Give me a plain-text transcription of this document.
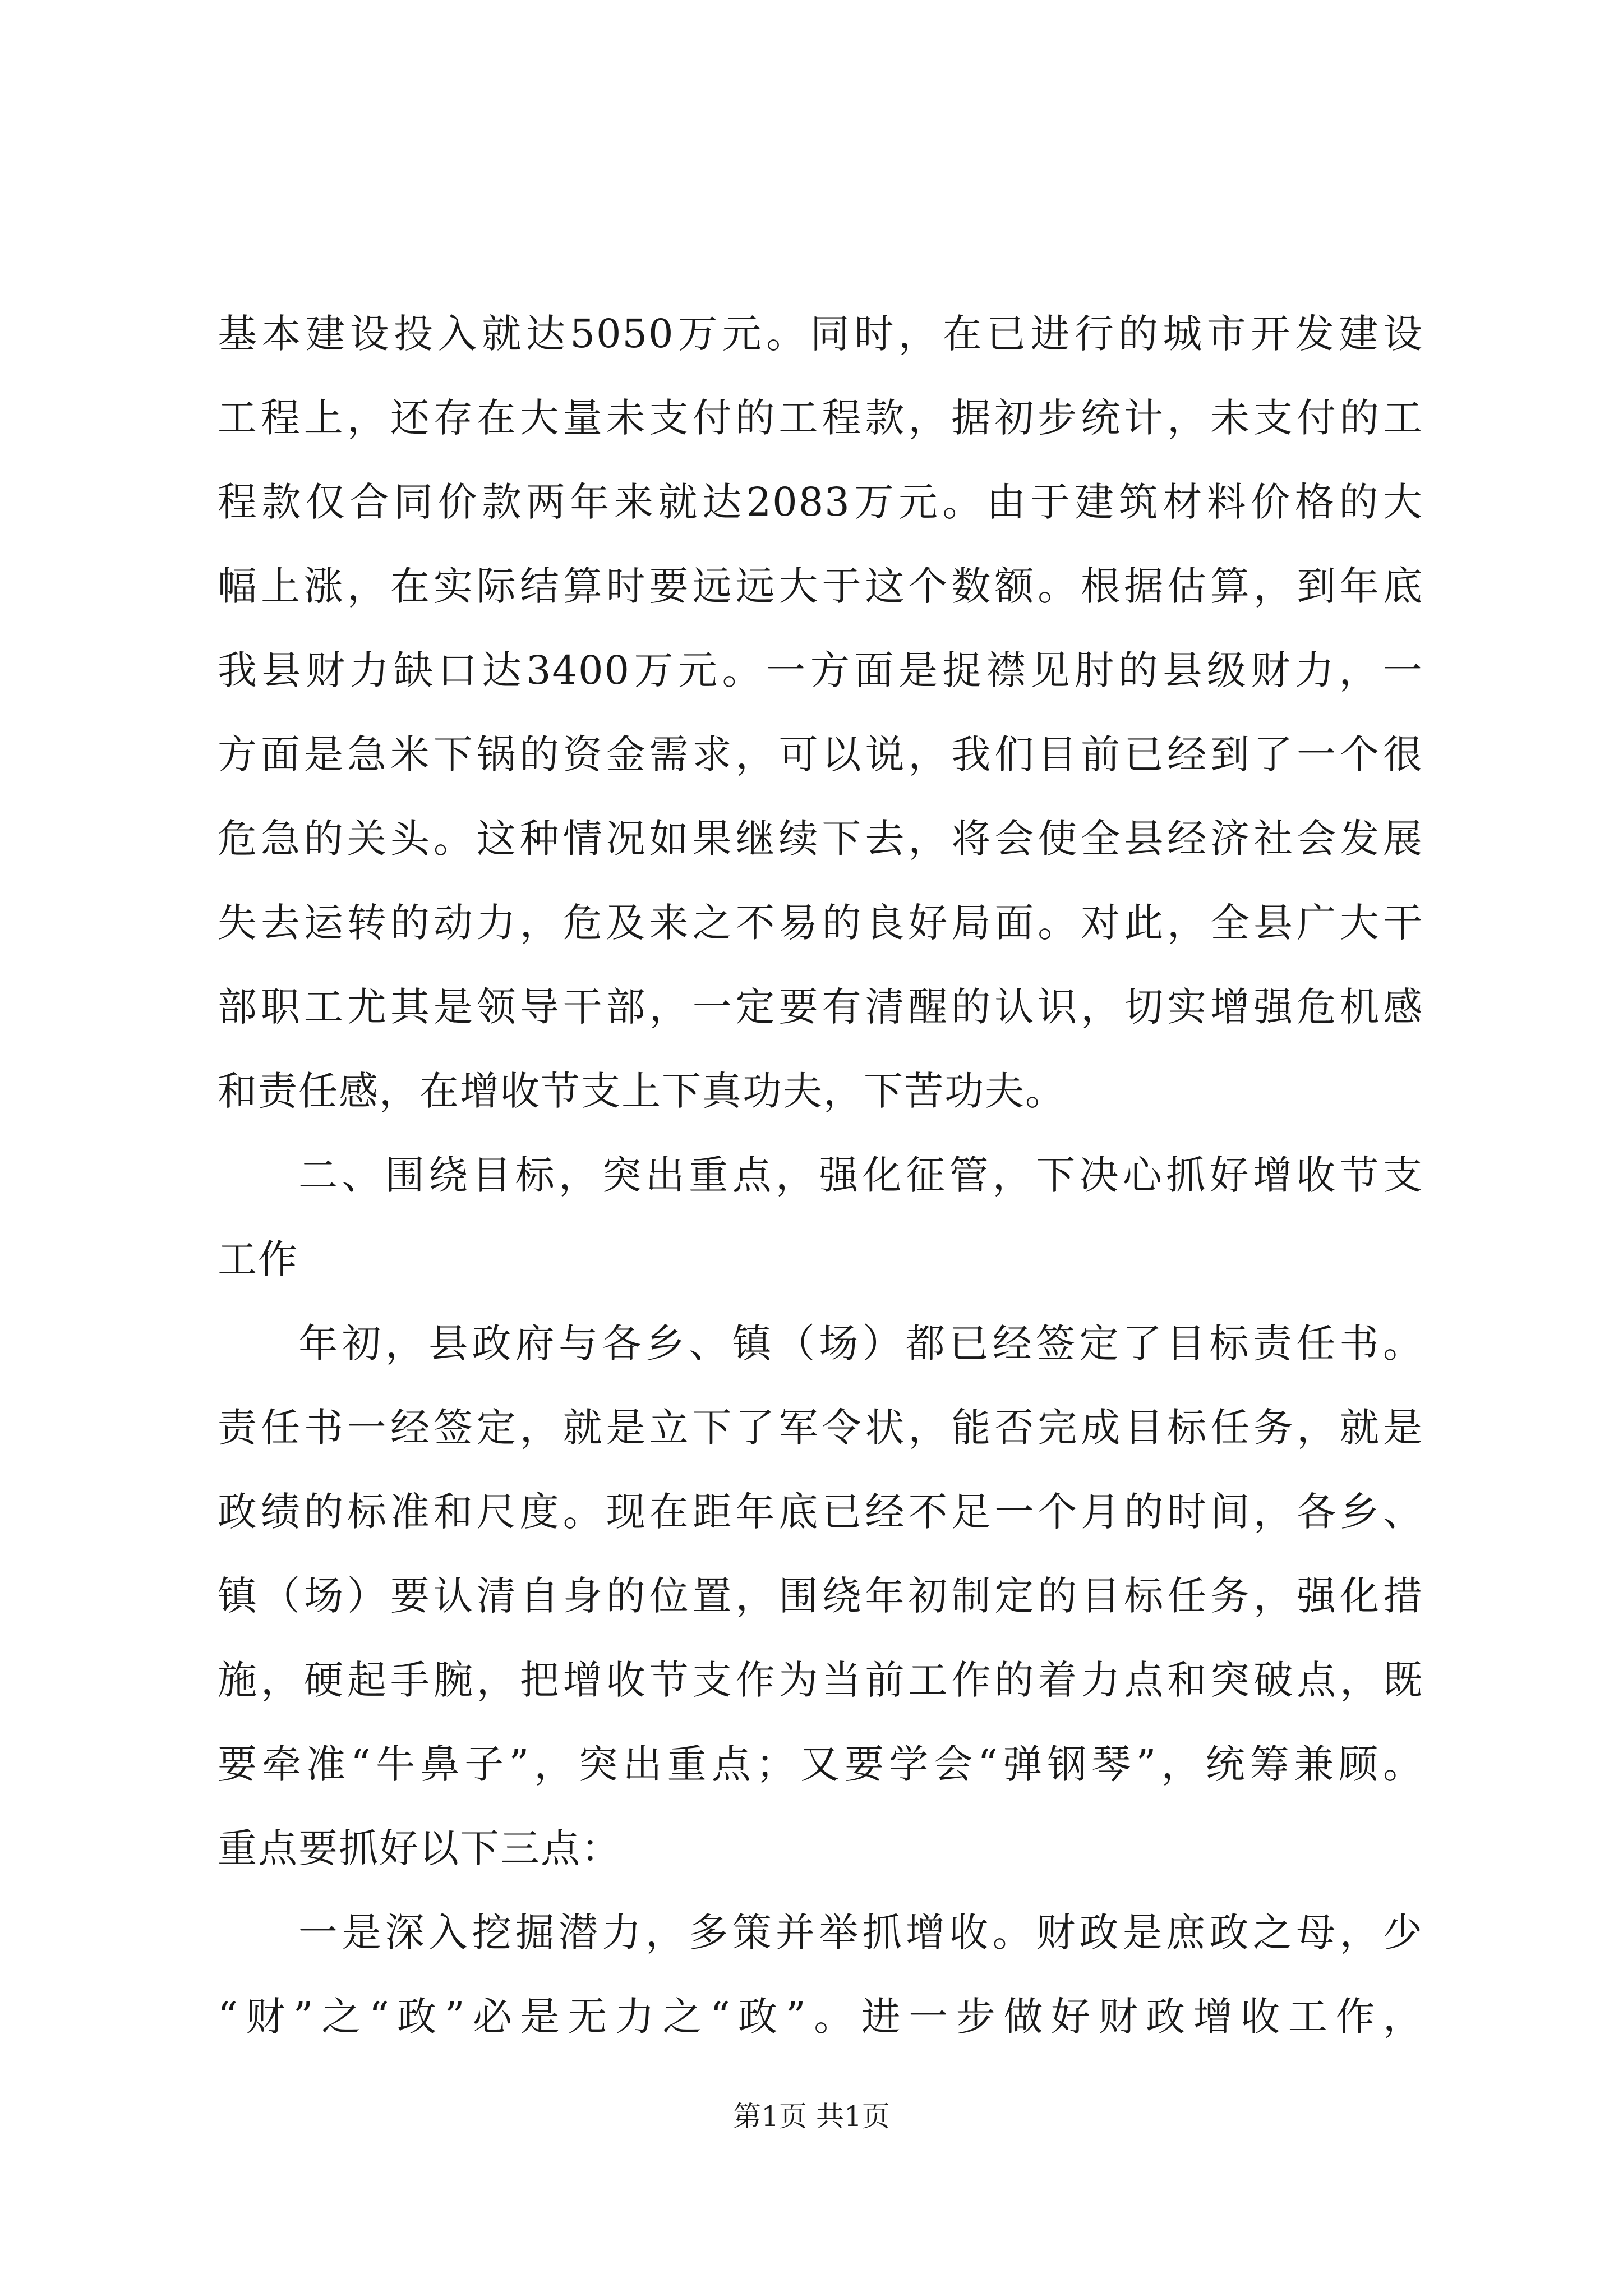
基本建设投入就达5050万元。同时，在已进行的城市开发建设
工程上，还存在大量未支付的工程款，据初步统计，未支付的工
程款仅合同价款两年来就达2083万元。由于建筑材料价格的大
幅上涨，在实际结算时要远远大于这个数额。根据估算，到年底
我县财力缺口达3400万元。一方面是捉襟见肘的县级财力，一
方面是急米下锅的资金需求，可以说，我们目前已经到了一个很
危急的关头。这种情况如果继续下去，将会使全县经济社会发展
失去运转的动力，危及来之不易的良好局面。对此，全县广大干
部职工尤其是领导干部，一定要有清醒的认识，切实增强危机感
和责任感，在增收节支上下真功夫，下苦功夫。
二、围绕目标，突出重点，强化征管，下决心抓好增收节支
工作
年初，县政府与各乡、镇（场）都已经签定了目标责任书。
责任书一经签定，就是立下了军令状，能否完成目标任务，就是
政绩的标准和尺度。现在距年底已经不足一个月的时间，各乡、
镇（场）要认清自身的位置，围绕年初制定的目标任务，强化措
施，硬起手腕，把增收节支作为当前工作的着力点和突破点，既
要牵准“牛鼻子”，突出重点；又要学会“弹钢琴”，统筹兼顾。
重点要抓好以下三点：
一是深入挖掘潜力，多策并举抓增收。财政是庶政之母，少
“财”之“政”必是无力之“政”。进一步做好财政增收工作，
第1页 共1页
